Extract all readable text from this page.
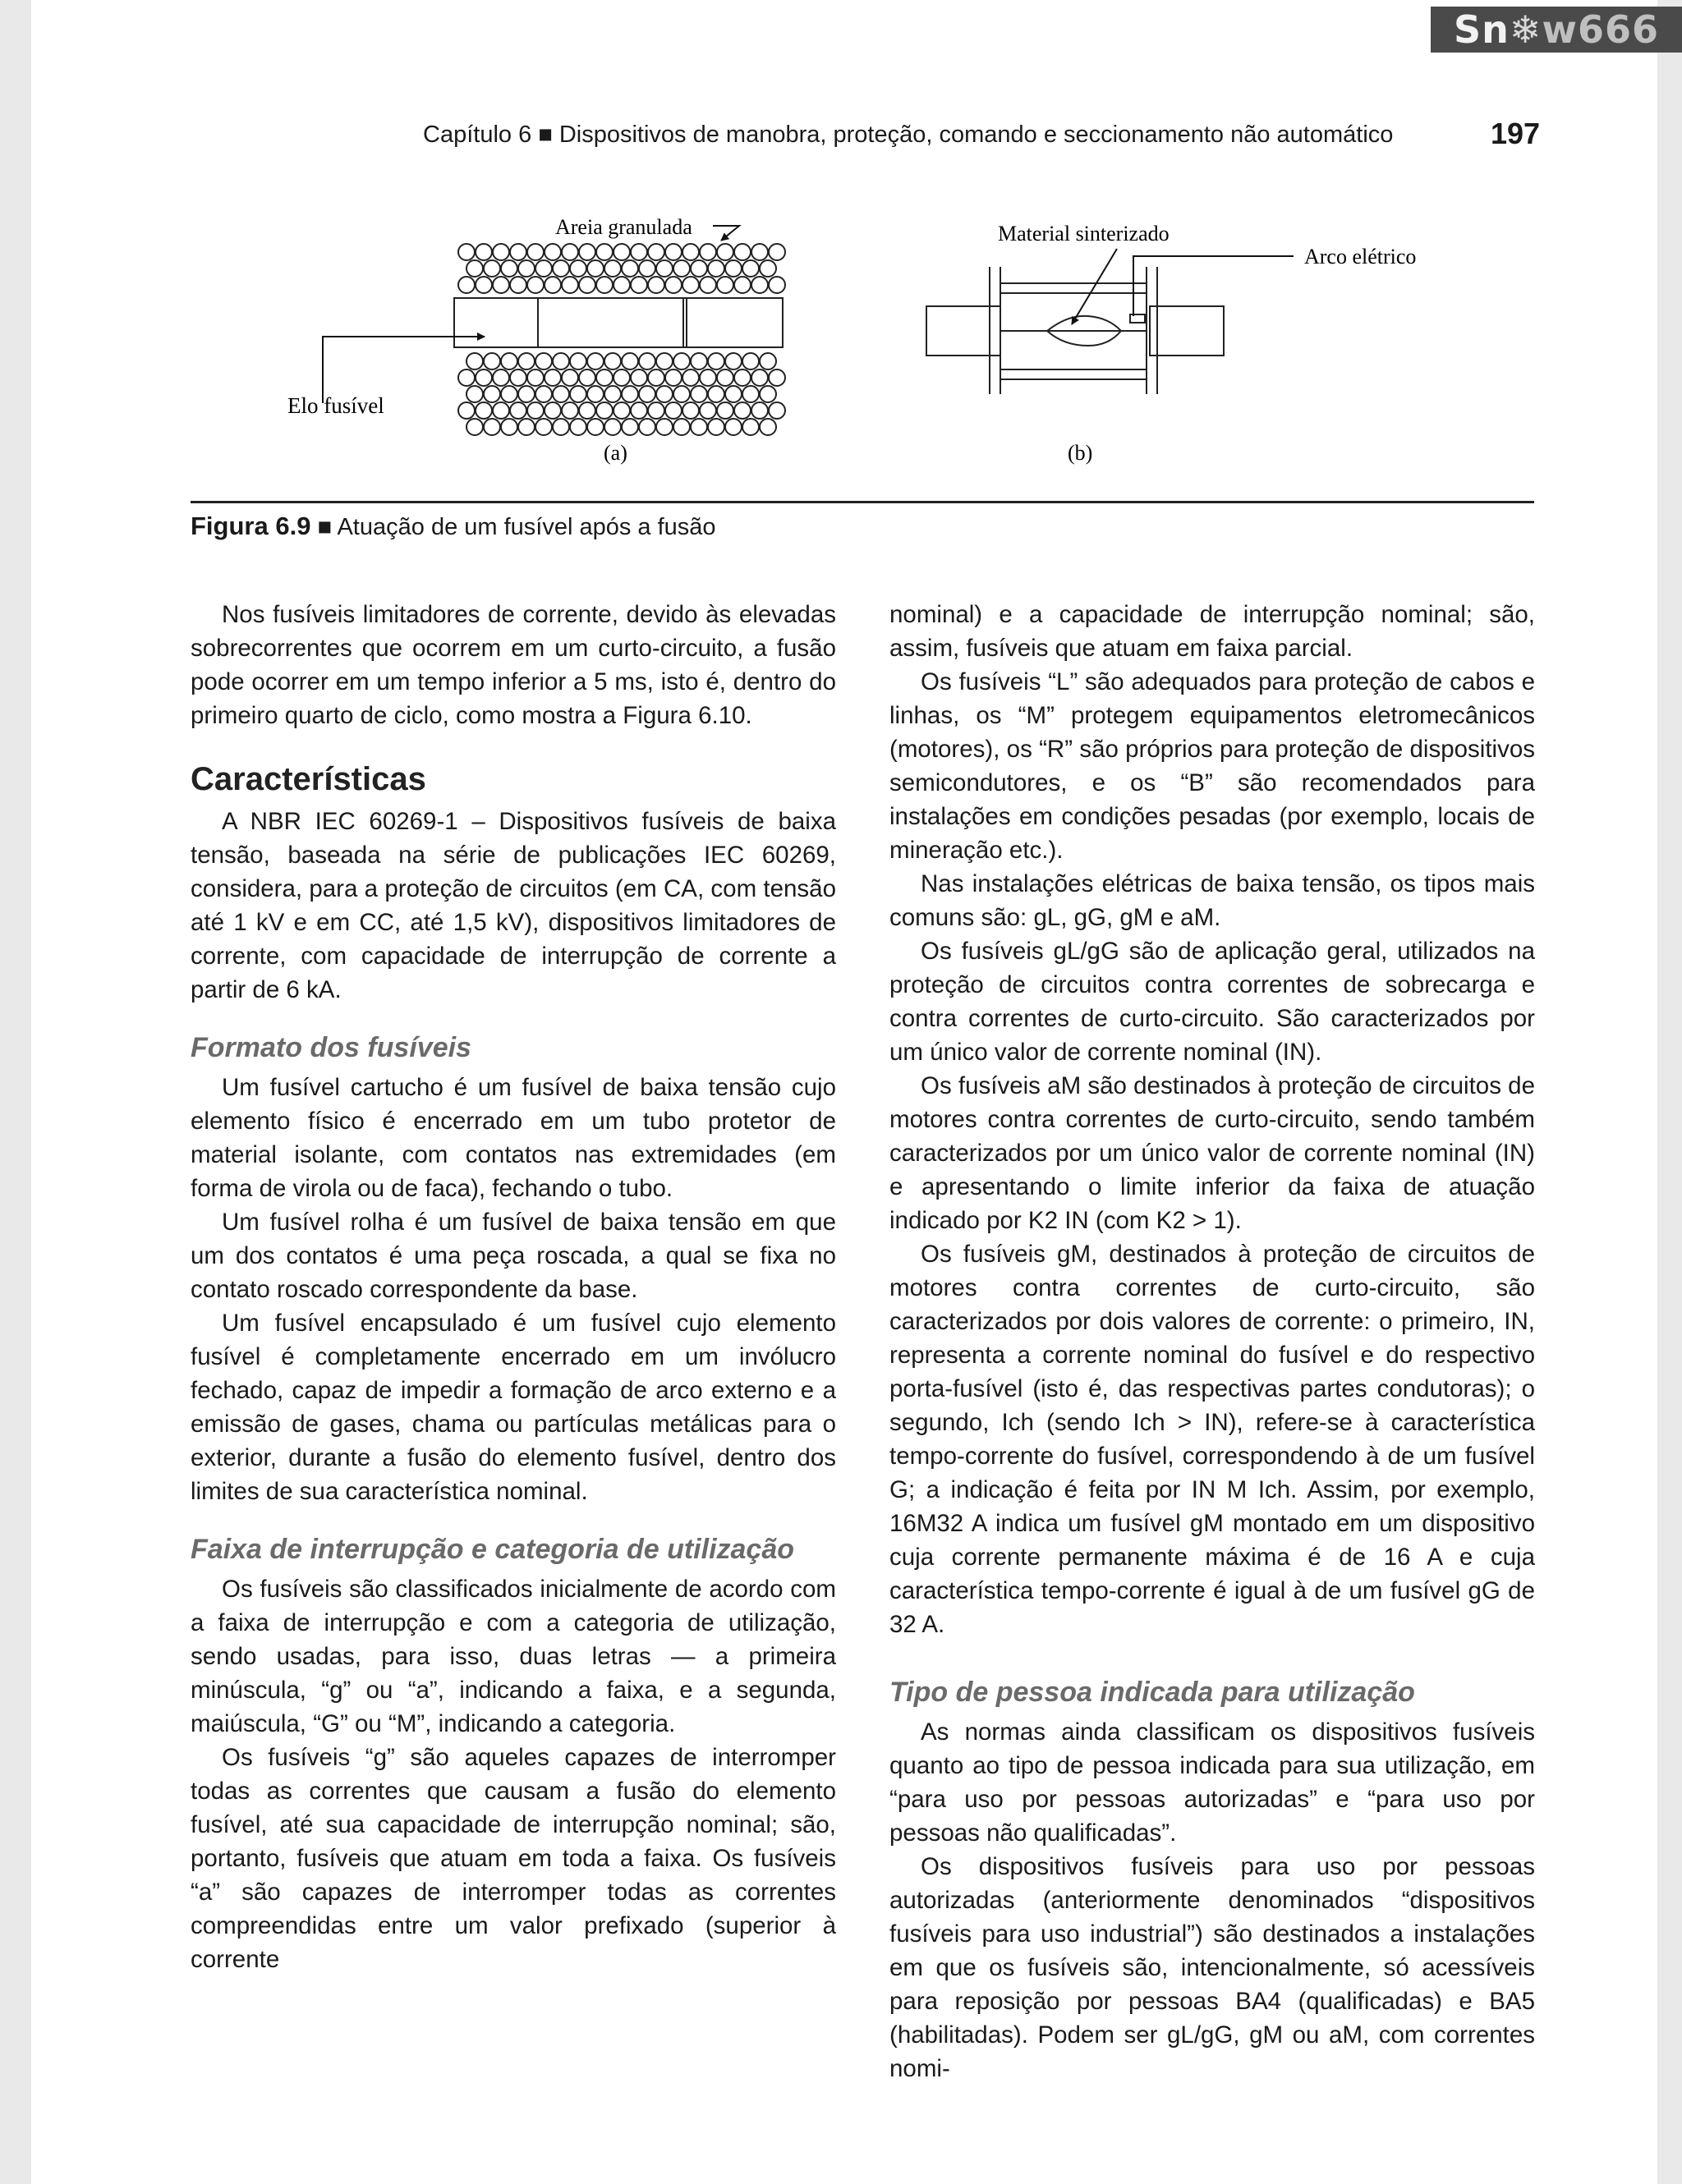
Sn❄w666
Capítulo 6 ■ Dispositivos de manobra, proteção, comando e seccionamento não automático	197
Elo fusível
Areia granulada
(a)
Material sinterizado
Arco elétrico
(b)
Figura 6.9 ■ Atuação de um fusível após a fusão

Nos fusíveis limitadores de corrente, devido às elevadas sobrecorrentes que ocorrem em um curto-circuito, a fusão pode ocorrer em um tempo inferior a 5 ms, isto é, dentro do primeiro quarto de ciclo, como mostra a Figura 6.10.

Características

A NBR IEC 60269-1 – Dispositivos fusíveis de baixa tensão, baseada na série de publicações IEC 60269, considera, para a proteção de circuitos (em CA, com tensão até 1 kV e em CC, até 1,5 kV), dispositivos limitadores de corrente, com capacidade de interrupção de corrente a partir de 6 kA.

Formato dos fusíveis

Um fusível cartucho é um fusível de baixa tensão cujo elemento físico é encerrado em um tubo protetor de material isolante, com contatos nas extremidades (em forma de virola ou de faca), fechando o tubo.

Um fusível rolha é um fusível de baixa tensão em que um dos contatos é uma peça roscada, a qual se fixa no contato roscado correspondente da base.

Um fusível encapsulado é um fusível cujo elemento fusível é completamente encerrado em um invólucro fechado, capaz de impedir a formação de arco externo e a emissão de gases, chama ou partículas metálicas para o exterior, durante a fusão do elemento fusível, dentro dos limites de sua característica nominal.

Faixa de interrupção e categoria de utilização

Os fusíveis são classificados inicialmente de acordo com a faixa de interrupção e com a categoria de utilização, sendo usadas, para isso, duas letras — a primeira minúscula, “g” ou “a”, indicando a faixa, e a segunda, maiúscula, “G” ou “M”, indicando a categoria.

Os fusíveis “g” são aqueles capazes de interromper todas as correntes que causam a fusão do elemento fusível, até sua capacidade de interrupção nominal; são, portanto, fusíveis que atuam em toda a faixa. Os fusíveis “a” são capazes de interromper todas as correntes compreendidas entre um valor prefixado (superior à corrente

nominal) e a capacidade de interrupção nominal; são, assim, fusíveis que atuam em faixa parcial.

Os fusíveis “L” são adequados para proteção de cabos e linhas, os “M” protegem equipamentos eletromecânicos (motores), os “R” são próprios para proteção de dispositivos semicondutores, e os “B” são recomendados para instalações em condições pesadas (por exemplo, locais de mineração etc.).

Nas instalações elétricas de baixa tensão, os tipos mais comuns são: gL, gG, gM e aM.

Os fusíveis gL/gG são de aplicação geral, utilizados na proteção de circuitos contra correntes de sobrecarga e contra correntes de curto-circuito. São caracterizados por um único valor de corrente nominal (IN).

Os fusíveis aM são destinados à proteção de circuitos de motores contra correntes de curto-circuito, sendo também caracterizados por um único valor de corrente nominal (IN) e apresentando o limite inferior da faixa de atuação indicado por K2 IN (com K2 > 1).

Os fusíveis gM, destinados à proteção de circuitos de motores contra correntes de curto-circuito, são caracterizados por dois valores de corrente: o primeiro, IN, representa a corrente nominal do fusível e do respectivo porta-fusível (isto é, das respectivas partes condutoras); o segundo, Ich (sendo Ich > IN), refere-se à característica tempo-corrente do fusível, correspondendo à de um fusível G; a indicação é feita por IN M Ich. Assim, por exemplo, 16M32 A indica um fusível gM montado em um dispositivo cuja corrente permanente máxima é de 16 A e cuja característica tempo-corrente é igual à de um fusível gG de 32 A.

Tipo de pessoa indicada para utilização

As normas ainda classificam os dispositivos fusíveis quanto ao tipo de pessoa indicada para sua utilização, em “para uso por pessoas autorizadas” e “para uso por pessoas não qualificadas”.

Os dispositivos fusíveis para uso por pessoas autorizadas (anteriormente denominados “dispositivos fusíveis para uso industrial”) são destinados a instalações em que os fusíveis são, intencionalmente, só acessíveis para reposição por pessoas BA4 (qualificadas) e BA5 (habilitadas). Podem ser gL/gG, gM ou aM, com correntes nomi-
